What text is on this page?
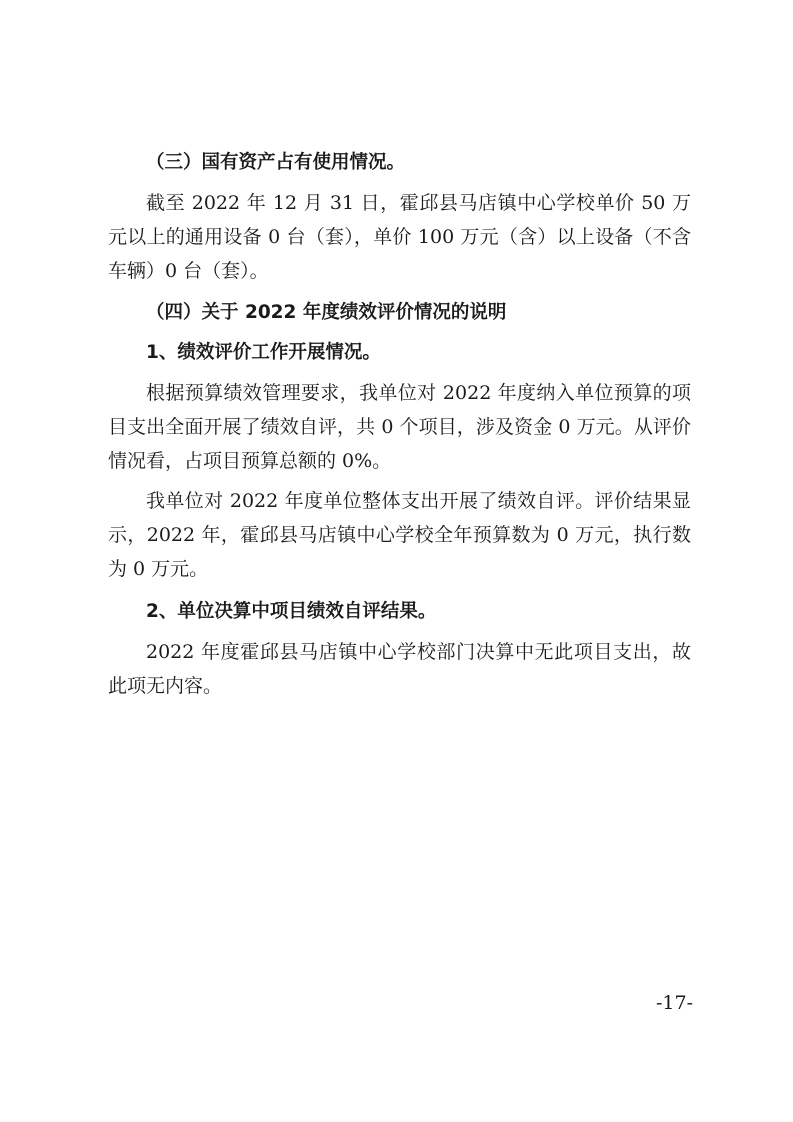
（三）国有资产占有使用情况。

截至 2022 年 12 月 31 日，霍邱县马店镇中心学校单价 50 万元以上的通用设备 0 台（套），单价 100 万元（含）以上设备（不含车辆）0 台（套）。

（四）关于 2022 年度绩效评价情况的说明

1、绩效评价工作开展情况。

根据预算绩效管理要求，我单位对 2022 年度纳入单位预算的项目支出全面开展了绩效自评，共 0 个项目，涉及资金 0 万元。从评价情况看，占项目预算总额的 0%。

我单位对 2022 年度单位整体支出开展了绩效自评。评价结果显示，2022 年，霍邱县马店镇中心学校全年预算数为 0 万元，执行数为 0 万元。

2、单位决算中项目绩效自评结果。

2022 年度霍邱县马店镇中心学校部门决算中无此项目支出，故此项无内容。

-17-
